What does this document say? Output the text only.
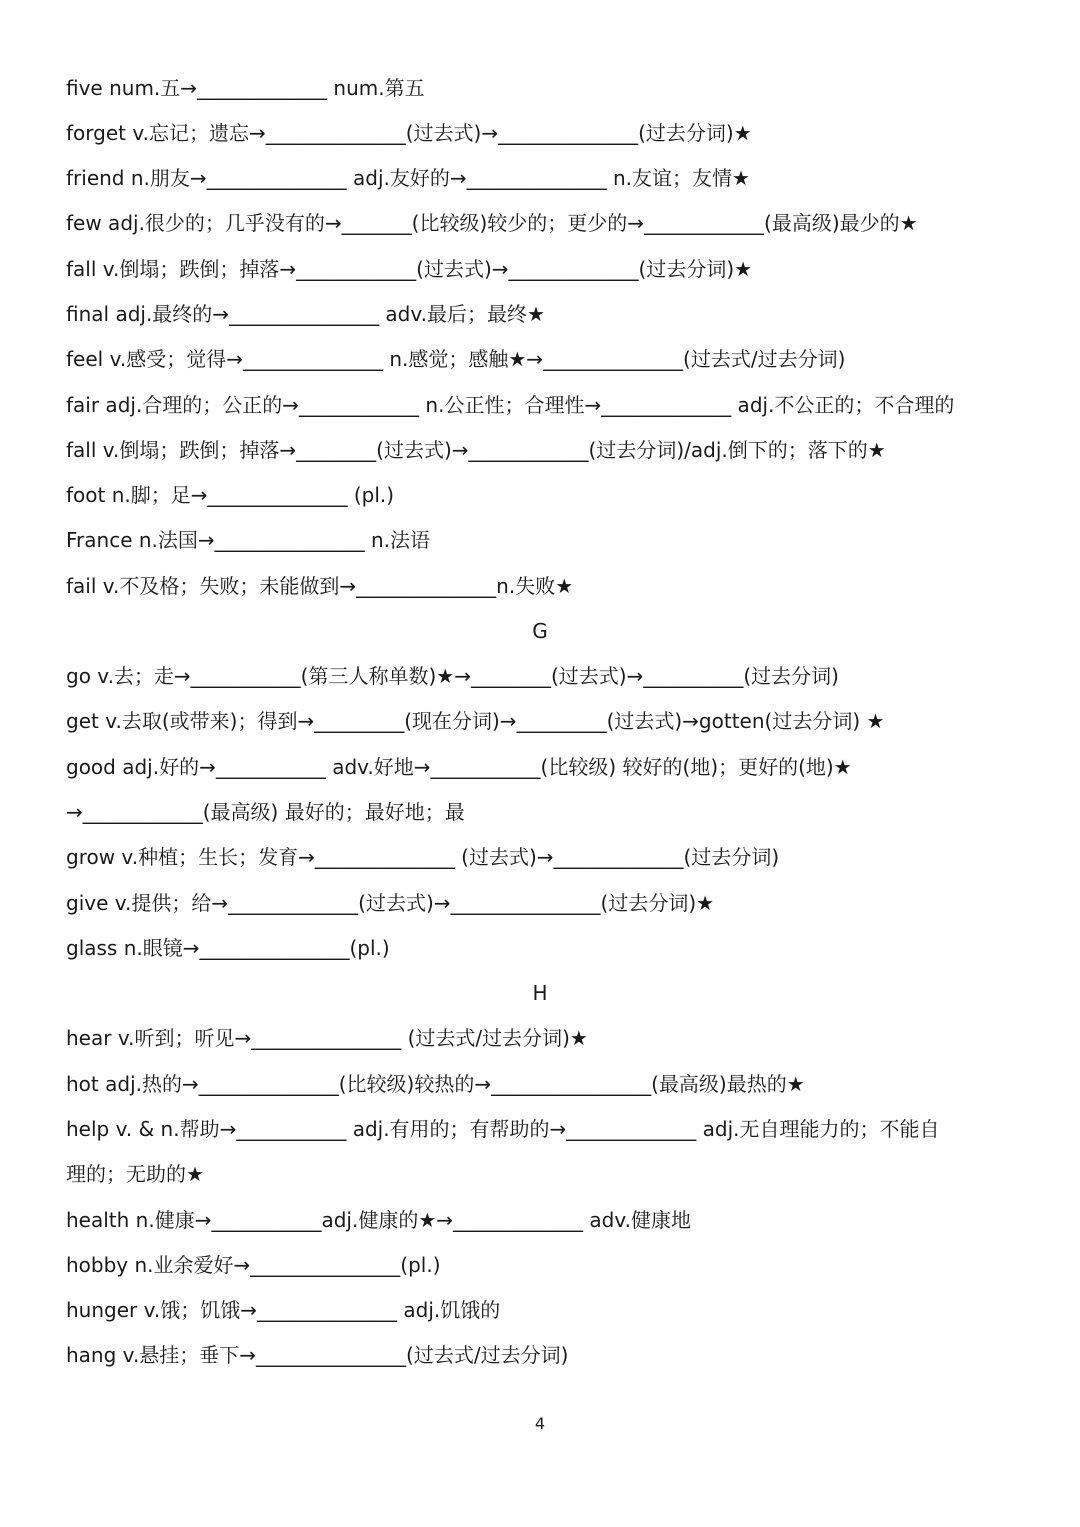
five num.五→_____________ num.第五
forget v.忘记；遗忘→______________(过去式)→______________(过去分词)★
friend n.朋友→______________ adj.友好的→______________ n.友谊；友情★
few adj.很少的；几乎没有的→_______(比较级)较少的；更少的→____________(最高级)最少的★
fall v.倒塌；跌倒；掉落→____________(过去式)→_____________(过去分词)★
final adj.最终的→_______________ adv.最后；最终★
feel v.感受；觉得→______________ n.感觉；感触★→______________(过去式/过去分词)
fair adj.合理的；公正的→____________ n.公正性；合理性→_____________ adj.不公正的；不合理的
fall v.倒塌；跌倒；掉落→________(过去式)→____________(过去分词)/adj.倒下的；落下的★
foot n.脚；足→______________ (pl.)
France n.法国→_______________ n.法语
fail v.不及格；失败；未能做到→______________n.失败★
G
go v.去；走→___________(第三人称单数)★→________(过去式)→__________(过去分词)
get v.去取(或带来)；得到→_________(现在分词)→_________(过去式)→gotten(过去分词) ★
good adj.好的→___________ adv.好地→___________(比较级) 较好的(地)；更好的(地)★
→____________(最高级) 最好的；最好地；最
grow v.种植；生长；发育→______________ (过去式)→_____________(过去分词)
give v.提供；给→_____________(过去式)→_______________(过去分词)★
glass n.眼镜→_______________(pl.)
H
hear v.听到；听见→_______________ (过去式/过去分词)★
hot adj.热的→______________(比较级)较热的→________________(最高级)最热的★
help v. & n.帮助→___________ adj.有用的；有帮助的→_____________ adj.无自理能力的；不能自
理的；无助的★
health n.健康→___________adj.健康的★→_____________ adv.健康地
hobby n.业余爱好→_______________(pl.)
hunger v.饿；饥饿→______________ adj.饥饿的
hang v.悬挂；垂下→_______________(过去式/过去分词)
4
